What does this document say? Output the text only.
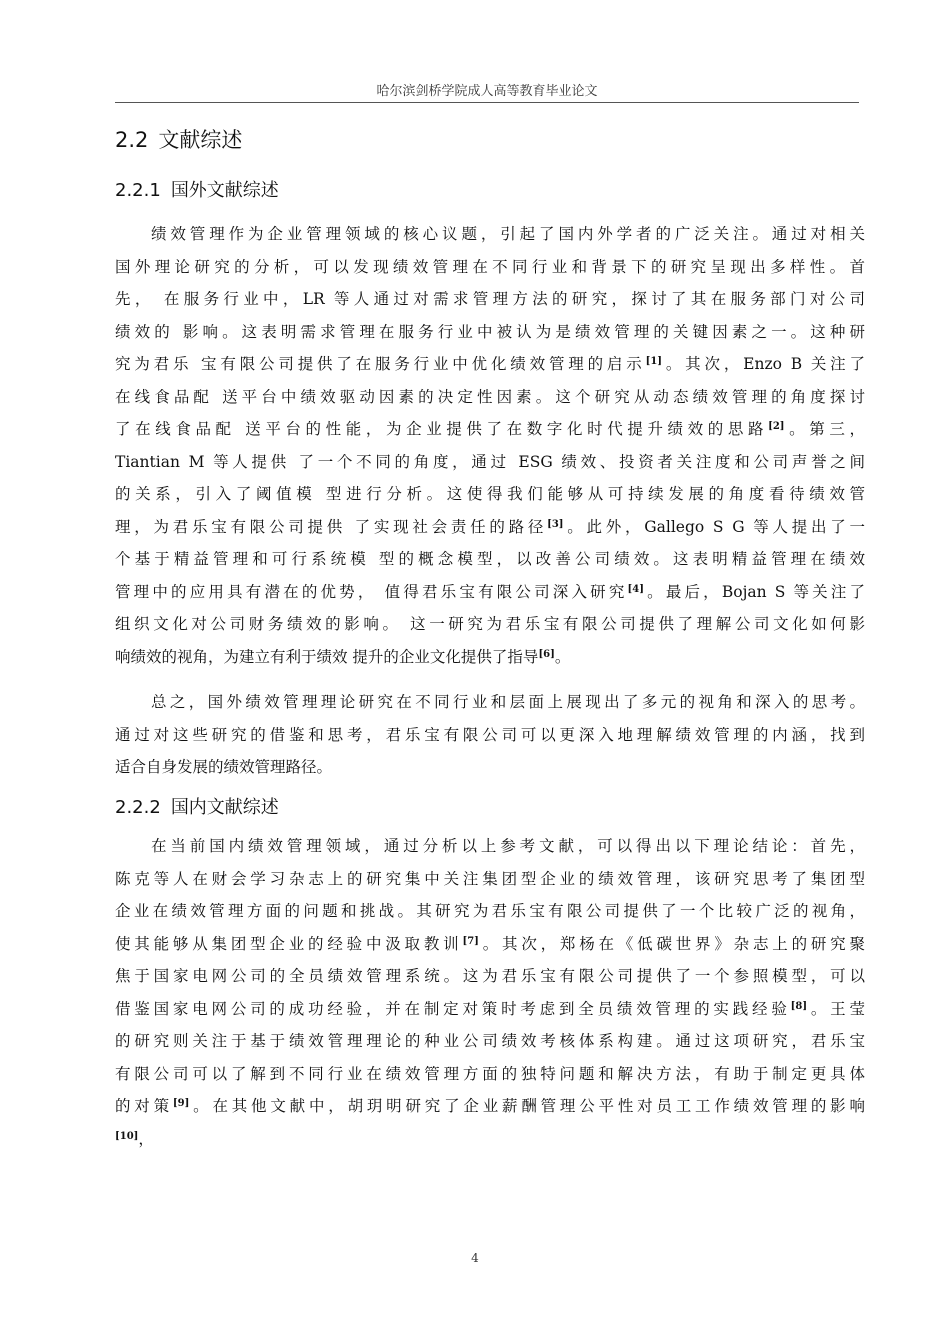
哈尔滨剑桥学院成人高等教育毕业论文
2.2 文献综述
2.2.1 国外文献综述
绩效管理作为企业管理领域的核心议题，引起了国内外学者的广泛关注。通过对相关
国外理论研究的分析，可以发现绩效管理在不同行业和背景下的研究呈现出多样性。首
先， 在服务行业中，LR 等人通过对需求管理方法的研究，探讨了其在服务部门对公司
绩效的 影响。这表明需求管理在服务行业中被认为是绩效管理的关键因素之一。这种研
究为君乐 宝有限公司提供了在服务行业中优化绩效管理的启示[1]。其次，Enzo B 关注了
在线食品配 送平台中绩效驱动因素的决定性因素。这个研究从动态绩效管理的角度探讨
了在线食品配 送平台的性能，为企业提供了在数字化时代提升绩效的思路[2]。第三，
Tiantian M 等人提供 了一个不同的角度，通过 ESG 绩效、投资者关注度和公司声誉之间
的关系，引入了阈值模 型进行分析。这使得我们能够从可持续发展的角度看待绩效管
理，为君乐宝有限公司提供 了实现社会责任的路径[3]。此外，Gallego S G 等人提出了一
个基于精益管理和可行系统模 型的概念模型，以改善公司绩效。这表明精益管理在绩效
管理中的应用具有潜在的优势， 值得君乐宝有限公司深入研究[4]。最后，Bojan S 等关注了
组织文化对公司财务绩效的影响。 这一研究为君乐宝有限公司提供了理解公司文化如何影
响绩效的视角，为建立有利于绩效 提升的企业文化提供了指导[6]。
总之，国外绩效管理理论研究在不同行业和层面上展现出了多元的视角和深入的思考。
通过对这些研究的借鉴和思考，君乐宝有限公司可以更深入地理解绩效管理的内涵，找到
适合自身发展的绩效管理路径。
2.2.2 国内文献综述
在当前国内绩效管理领域，通过分析以上参考文献，可以得出以下理论结论：首先，
陈克等人在财会学习杂志上的研究集中关注集团型企业的绩效管理，该研究思考了集团型
企业在绩效管理方面的问题和挑战。其研究为君乐宝有限公司提供了一个比较广泛的视角，
使其能够从集团型企业的经验中汲取教训[7]。其次，郑杨在《低碳世界》杂志上的研究聚
焦于国家电网公司的全员绩效管理系统。这为君乐宝有限公司提供了一个参照模型，可以
借鉴国家电网公司的成功经验，并在制定对策时考虑到全员绩效管理的实践经验[8]。王莹
的研究则关注于基于绩效管理理论的种业公司绩效考核体系构建。通过这项研究，君乐宝
有限公司可以了解到不同行业在绩效管理方面的独特问题和解决方法，有助于制定更具体
的对策[9]。在其他文献中，胡玥明研究了企业薪酬管理公平性对员工工作绩效管理的影响
[10]，
4
